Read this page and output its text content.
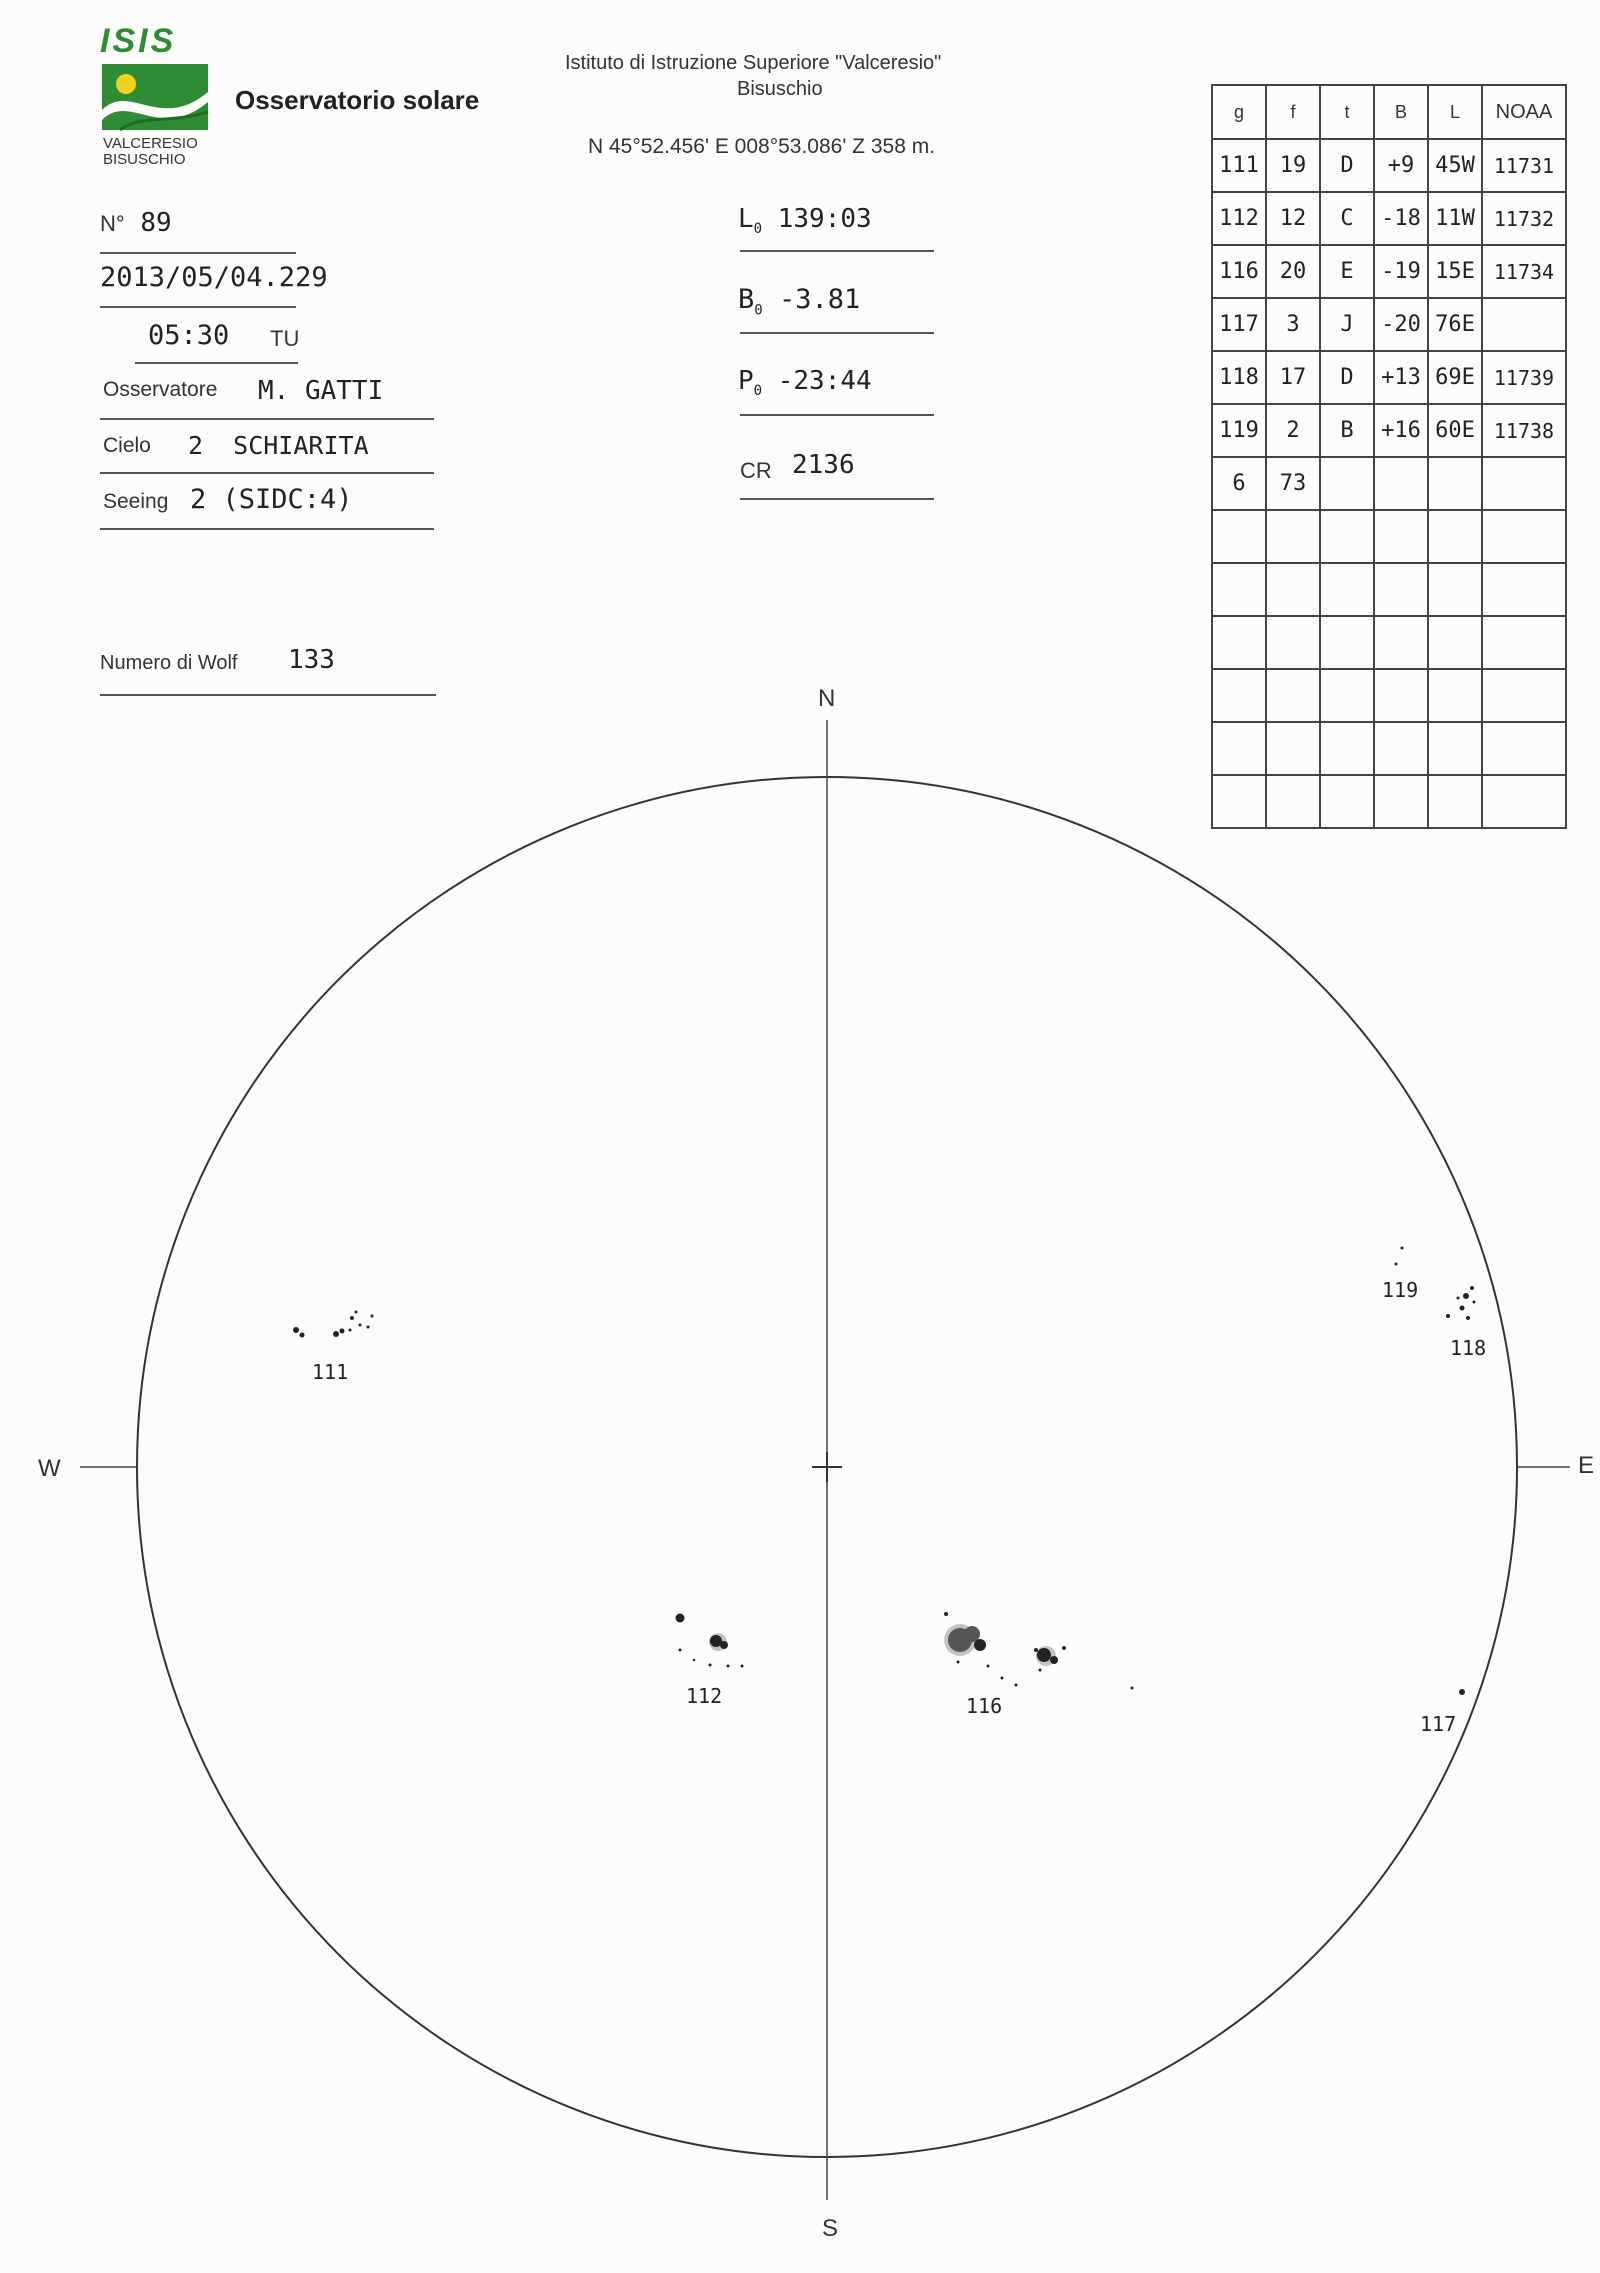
ISIS
VALCERESIO
BISUSCHIO
Osservatorio solare
Istituto di Istruzione Superiore "Valceresio"
Bisuschio
N 45°52.456' E 008°53.086' Z 358 m.
N° 89
2013/05/04.229
05:30 TU
Osservatore M. GATTI
Cielo 2  SCHIARITA
Seeing 2 (SIDC:4)
Numero di Wolf 133
$L_0$ 139:03
$B_0$ -3.81
$P_0$ -23:44
CR 2136
g	f	t	B	L	NOAA
111	19	D	+9	45W	11731
112	12	C	-18	11W	11732
116	20	E	-19	15E	11734
117	3	J	-20	76E	
118	17	D	+13	69E	11739
119	2	B	+16	60E	11738
6	73				

N
S
W	E
111
112	116
117
118
119
